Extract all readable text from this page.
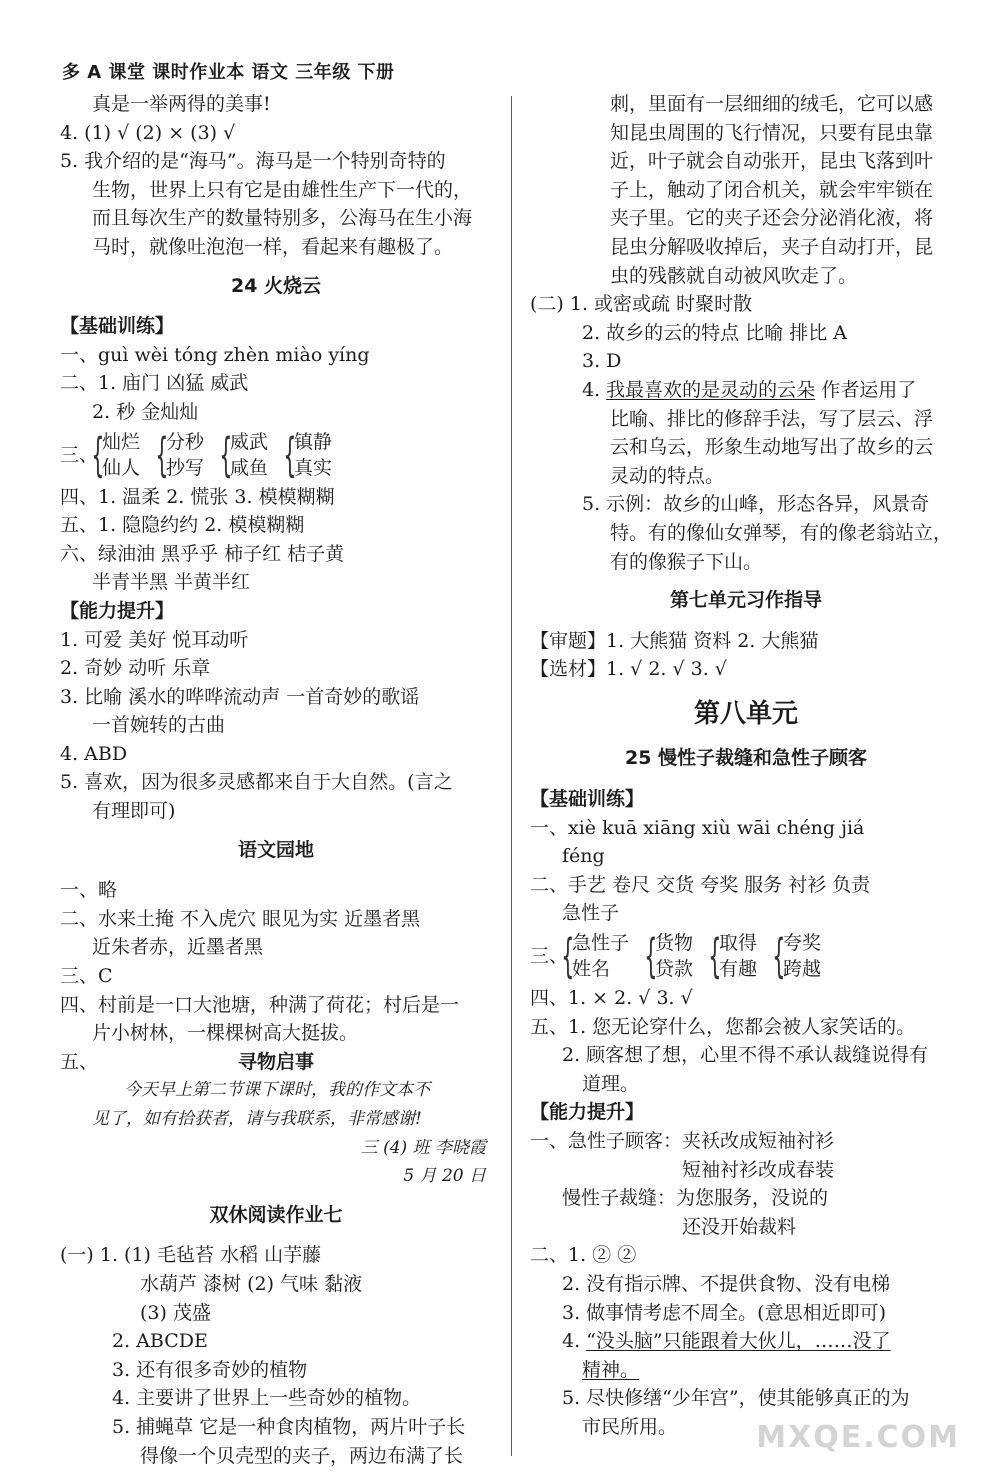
多 A 课堂 课时作业本 语文 三年级 下册
真是一举两得的美事!
4. (1) √ (2) × (3) √
5. 我介绍的是“海马”。海马是一个特别奇特的
生物，世界上只有它是由雄性生产下一代的，
而且每次生产的数量特别多，公海马在生小海
马时，就像吐泡泡一样，看起来有趣极了。
24 火烧云
【基础训练】
一、guì wèi tóng zhèn miào yíng
二、1. 庙门 凶猛 威武
2. 秒 金灿灿
三、
{
灿烂
仙人 {
分秒
抄写 {
威武
咸鱼 {
镇静
真实
四、1. 温柔 2. 慌张 3. 模模糊糊
五、1. 隐隐约约 2. 模模糊糊
六、绿油油 黑乎乎 柿子红 桔子黄
半青半黑 半黄半红
【能力提升】
1. 可爱 美好 悦耳动听
2. 奇妙 动听 乐章
3. 比喻 溪水的哗哗流动声 一首奇妙的歌谣
一首婉转的古曲
4. ABD
5. 喜欢，因为很多灵感都来自于大自然。(言之
有理即可)
语文园地
一、略
二、水来土掩 不入虎穴 眼见为实 近墨者黑
近朱者赤，近墨者黑
三、C
四、村前是一口大池塘，种满了荷花；村后是一
片小树林，一棵棵树高大挺拔。
五、	寻物启事
今天早上第二节课下课时，我的作文本不
见了，如有拾获者，请与我联系，非常感谢!
三 (4) 班 李晓霞
5 月 20 日
双休阅读作业七
(一) 1. (1) 毛毡苔 水稻 山芋藤
水葫芦 漆树 (2) 气味 黏液
(3) 茂盛
2. ABCDE
3. 还有很多奇妙的植物
4. 主要讲了世界上一些奇妙的植物。
5. 捕蝇草 它是一种食肉植物，两片叶子长
得像一个贝壳型的夹子，两边布满了长
刺，里面有一层细细的绒毛，它可以感
知昆虫周围的飞行情况，只要有昆虫靠
近，叶子就会自动张开，昆虫飞落到叶
子上，触动了闭合机关，就会牢牢锁在
夹子里。它的夹子还会分泌消化液，将
昆虫分解吸收掉后，夹子自动打开，昆
虫的残骸就自动被风吹走了。
(二) 1. 或密或疏 时聚时散
2. 故乡的云的特点 比喻 排比 A
3. D
4. 我最喜欢的是灵动的云朵 作者运用了
比喻、排比的修辞手法，写了层云、浮
云和乌云，形象生动地写出了故乡的云
灵动的特点。
5. 示例：故乡的山峰，形态各异，风景奇
特。有的像仙女弹琴，有的像老翁站立，
有的像猴子下山。
第七单元习作指导
【审题】1. 大熊猫 资料 2. 大熊猫
【选材】1. √ 2. √ 3. √
第八单元
25 慢性子裁缝和急性子顾客
【基础训练】
一、xiè kuā xiāng xiù wāi chéng jiá
féng
二、手艺 卷尺 交货 夸奖 服务 衬衫 负责
急性子
三、
{
急性子
姓名 {
货物
贷款 {
取得
有趣 {
夸奖
跨越
四、1. × 2. √ 3. √
五、1. 您无论穿什么，您都会被人家笑话的。
2. 顾客想了想，心里不得不承认裁缝说得有
道理。
【能力提升】
一、急性子顾客：夹袄改成短袖衬衫
短袖衬衫改成春装
慢性子裁缝：为您服务，没说的
还没开始裁料
二、1. ② ②
2. 没有指示牌、不提供食物、没有电梯
3. 做事情考虑不周全。(意思相近即可)
4. “没头脑”只能跟着大伙儿，……没了
精神。
5. 尽快修缮“少年宫”，使其能够真正的为
市民所用。	MXQE.COM
